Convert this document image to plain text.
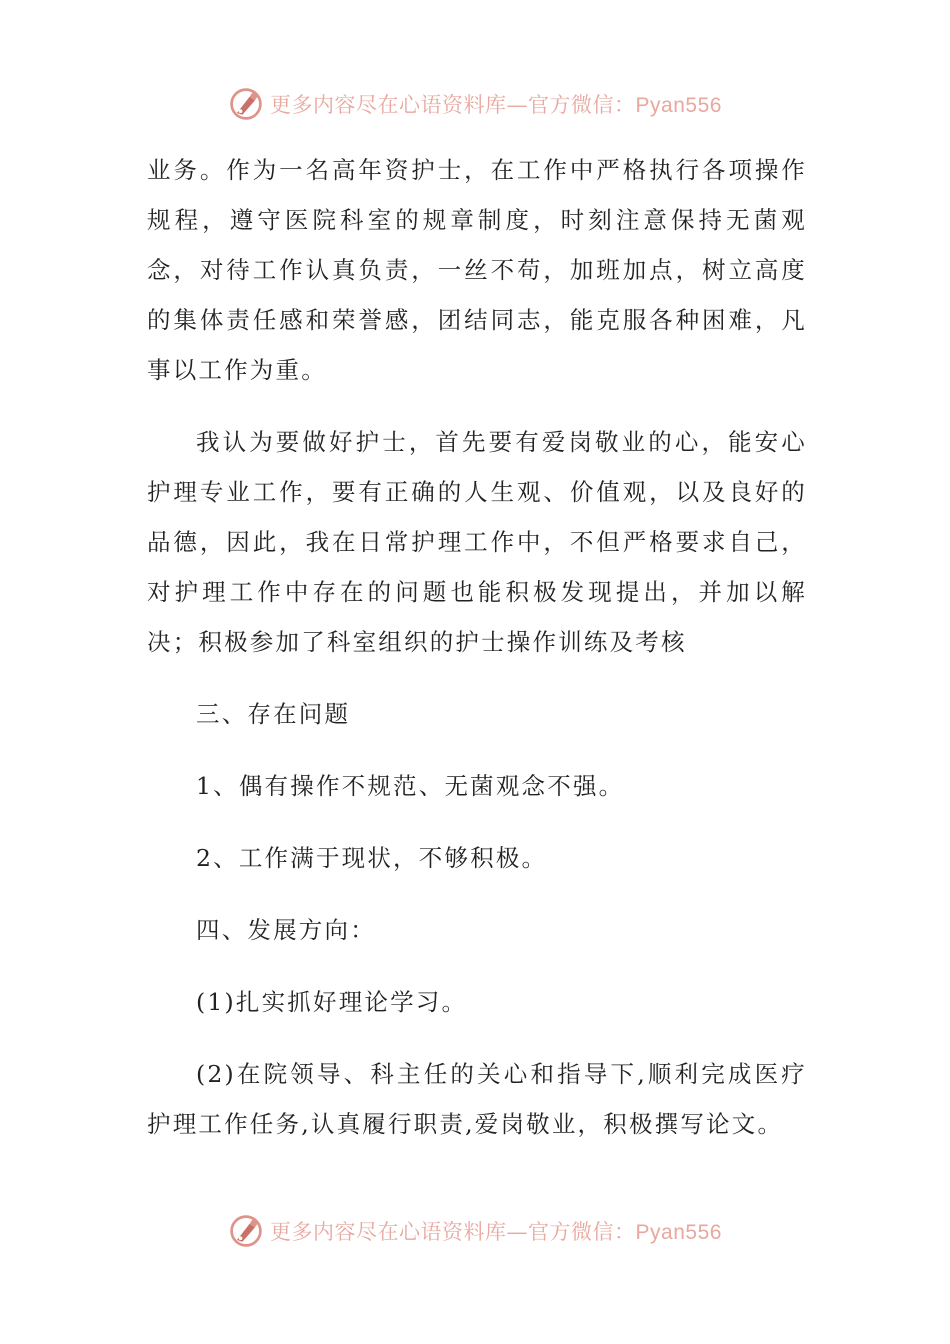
更多内容尽在心语资料库—官方微信：Pyan556

业务。作为一名高年资护士，在工作中严格执行各项操作规程，遵守医院科室的规章制度，时刻注意保持无菌观念，对待工作认真负责，一丝不苟，加班加点，树立高度的集体责任感和荣誉感，团结同志，能克服各种困难，凡事以工作为重。

我认为要做好护士，首先要有爱岗敬业的心，能安心护理专业工作，要有正确的人生观、价值观，以及良好的品德，因此，我在日常护理工作中，不但严格要求自己，对护理工作中存在的问题也能积极发现提出，并加以解决；积极参加了科室组织的护士操作训练及考核

三、存在问题

1、偶有操作不规范、无菌观念不强。

2、工作满于现状，不够积极。

四、发展方向：

(1)扎实抓好理论学习。

(2)在院领导、科主任的关心和指导下,顺利完成医疗护理工作任务,认真履行职责,爱岗敬业，积极撰写论文。

更多内容尽在心语资料库—官方微信：Pyan556
